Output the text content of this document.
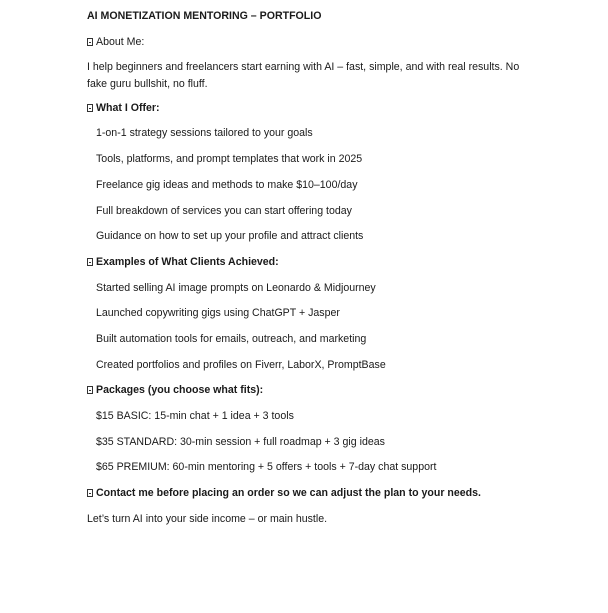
AI MONETIZATION MENTORING – PORTFOLIO
About Me:
I help beginners and freelancers start earning with AI – fast, simple, and with real results. No fake guru bullshit, no fluff.
What I Offer:
1-on-1 strategy sessions tailored to your goals
Tools, platforms, and prompt templates that work in 2025
Freelance gig ideas and methods to make $10–100/day
Full breakdown of services you can start offering today
Guidance on how to set up your profile and attract clients
Examples of What Clients Achieved:
Started selling AI image prompts on Leonardo & Midjourney
Launched copywriting gigs using ChatGPT + Jasper
Built automation tools for emails, outreach, and marketing
Created portfolios and profiles on Fiverr, LaborX, PromptBase
Packages (you choose what fits):
$15 BASIC: 15-min chat + 1 idea + 3 tools
$35 STANDARD: 30-min session + full roadmap + 3 gig ideas
$65 PREMIUM: 60-min mentoring + 5 offers + tools + 7-day chat support
Contact me before placing an order so we can adjust the plan to your needs.
Let’s turn AI into your side income – or main hustle.
